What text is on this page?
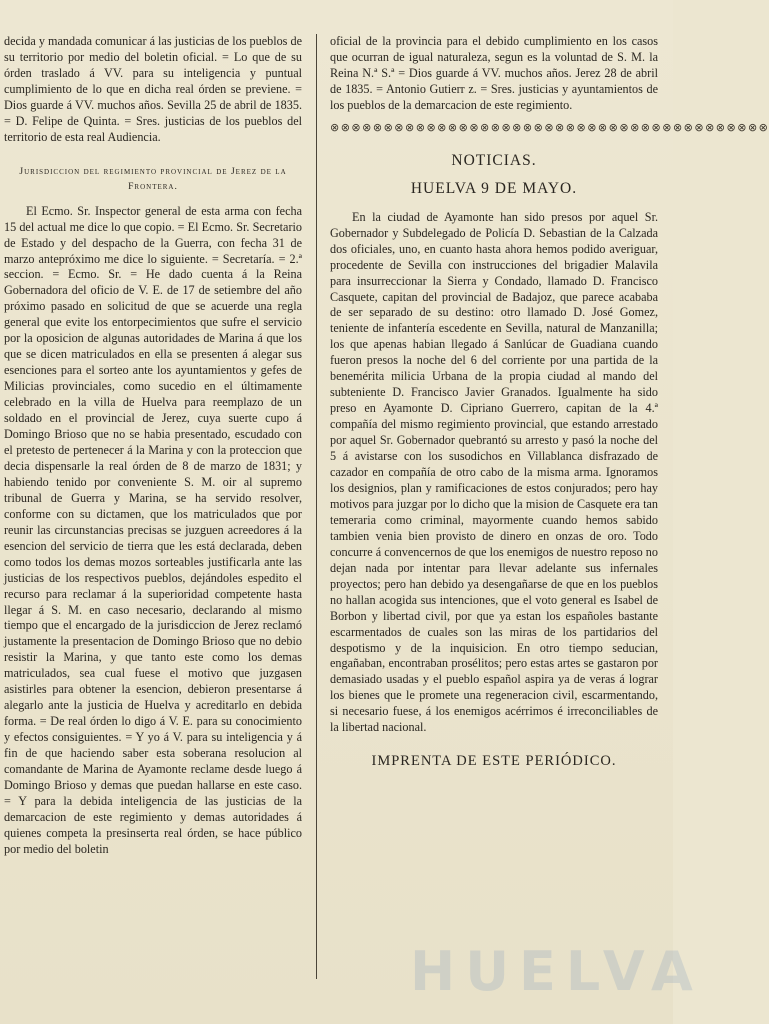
decida y mandada comunicar á las justicias de los pueblos de su territorio por medio del boletin oficial. = Lo que de su órden traslado á VV. para su inteligencia y puntual cumplimiento de lo que en dicha real órden se previene. = Dios guarde á VV. muchos años. Sevilla 25 de abril de 1835. = D. Felipe de Quinta. = Sres. justicias de los pueblos del territorio de esta real Audiencia.

Jurisdiccion del regimiento provincial de Jerez de la Frontera.

El Ecmo. Sr. Inspector general de esta arma con fecha 15 del actual me dice lo que copio. = El Ecmo. Sr. Secretario de Estado y del despacho de la Guerra, con fecha 31 de marzo antepróximo me dice lo siguiente. = Secretaría. = 2.ª seccion. = Ecmo. Sr. = He dado cuenta á la Reina Gobernadora del oficio de V. E. de 17 de setiembre del año próximo pasado en solicitud de que se acuerde una regla general que evite los entorpecimientos que sufre el servicio por la oposicion de algunas autoridades de Marina á que los que se dicen matriculados en ella se presenten á alegar sus esenciones para el sorteo ante los ayuntamientos y gefes de Milicias provinciales, como sucedio en el últimamente celebrado en la villa de Huelva para reemplazo de un soldado en el provincial de Jerez, cuya suerte cupo á Domingo Brioso que no se habia presentado, escudado con el pretesto de pertenecer á la Marina y con la proteccion que decia dispensarle la real órden de 8 de marzo de 1831; y habiendo tenido por conveniente S. M. oir al supremo tribunal de Guerra y Marina, se ha servido resolver, conforme con su dictamen, que los matriculados que por reunir las circunstancias precisas se juzguen acreedores á la esencion del servicio de tierra que les está declarada, deben como todos los demas mozos sorteables justificarla ante las justicias de los respectivos pueblos, dejándoles espedito el recurso para reclamar á la superioridad competente hasta llegar á S. M. en caso necesario, declarando al mismo tiempo que el encargado de la jurisdiccion de Jerez reclamó justamente la presentacion de Domingo Brioso que no debio resistir la Marina, y que tanto este como los demas matriculados, sea cual fuese el motivo que juzgasen asistirles para obtener la esencion, debieron presentarse á alegarlo ante la justicia de Huelva y acreditarlo en debida forma. = De real órden lo digo á V. E. para su conocimiento y efectos consiguientes. = Y yo á V. para su inteligencia y á fin de que haciendo saber esta soberana resolucion al comandante de Marina de Ayamonte reclame desde luego á Domingo Brioso y demas que puedan hallarse en este caso. = Y para la debida inteligencia de las justicias de la demarcacion de este regimiento y demas autoridades á quienes competa la presinserta real órden, se hace público por medio del boletin

oficial de la provincia para el debido cumplimiento en los casos que ocurran de igual naturaleza, segun es la voluntad de S. M. la Reina N.ª S.ª = Dios guarde á VV. muchos años. Jerez 28 de abril de 1835. = Antonio Gutierr z. = Sres. justicias y ayuntamientos de los pueblos de la demarcacion de este regimiento.

⊗⊗⊗⊗⊗⊗⊗⊗⊗⊗⊗⊗⊗⊗⊗⊗⊗⊗⊗⊗⊗⊗⊗⊗⊗⊗⊗⊗⊗⊗⊗⊗⊗⊗⊗⊗⊗⊗⊗⊗⊗
NOTICIAS.
HUELVA 9 DE MAYO.

En la ciudad de Ayamonte han sido presos por aquel Sr. Gobernador y Subdelegado de Policía D. Sebastian de la Calzada dos oficiales, uno, en cuanto hasta ahora hemos podido averiguar, procedente de Sevilla con instrucciones del brigadier Malavila para insurreccionar la Sierra y Condado, llamado D. Francisco Casquete, capitan del provincial de Badajoz, que parece acababa de ser separado de su destino: otro llamado D. José Gomez, teniente de infantería escedente en Sevilla, natural de Manzanilla; los que apenas habian llegado á Sanlúcar de Guadiana cuando fueron presos la noche del 6 del corriente por una partida de la benemérita milicia Urbana de la propia ciudad al mando del subteniente D. Francisco Javier Granados. Igualmente ha sido preso en Ayamonte D. Cipriano Guerrero, capitan de la 4.ª compañía del mismo regimiento provincial, que estando arrestado por aquel Sr. Gobernador quebrantó su arresto y pasó la noche del 5 á avistarse con los susodichos en Villablanca disfrazado de cazador en compañía de otro cabo de la misma arma. Ignoramos los designios, plan y ramificaciones de estos conjurados; pero hay motivos para juzgar por lo dicho que la mision de Casquete era tan temeraria como criminal, mayormente cuando hemos sabido tambien venia bien provisto de dinero en onzas de oro. Todo concurre á convencernos de que los enemigos de nuestro reposo no dejan nada por intentar para llevar adelante sus infernales proyectos; pero han debido ya desengañarse de que en los pueblos no hallan acogida sus intenciones, que el voto general es Isabel de Borbon y libertad civil, por que ya estan los españoles bastante escarmentados de cuales son las miras de los partidarios del despotismo y de la inquisicion. En otro tiempo seducian, engañaban, encontraban prosélitos; pero estas artes se gastaron por demasiado usadas y el pueblo español aspira ya de veras á lograr los bienes que le promete una regeneracion civil, escarmentando, si necesario fuese, á los enemigos acérrimos é irreconciliables de la libertad nacional.

IMPRENTA DE ESTE PERIÓDICO.
HUELVA
